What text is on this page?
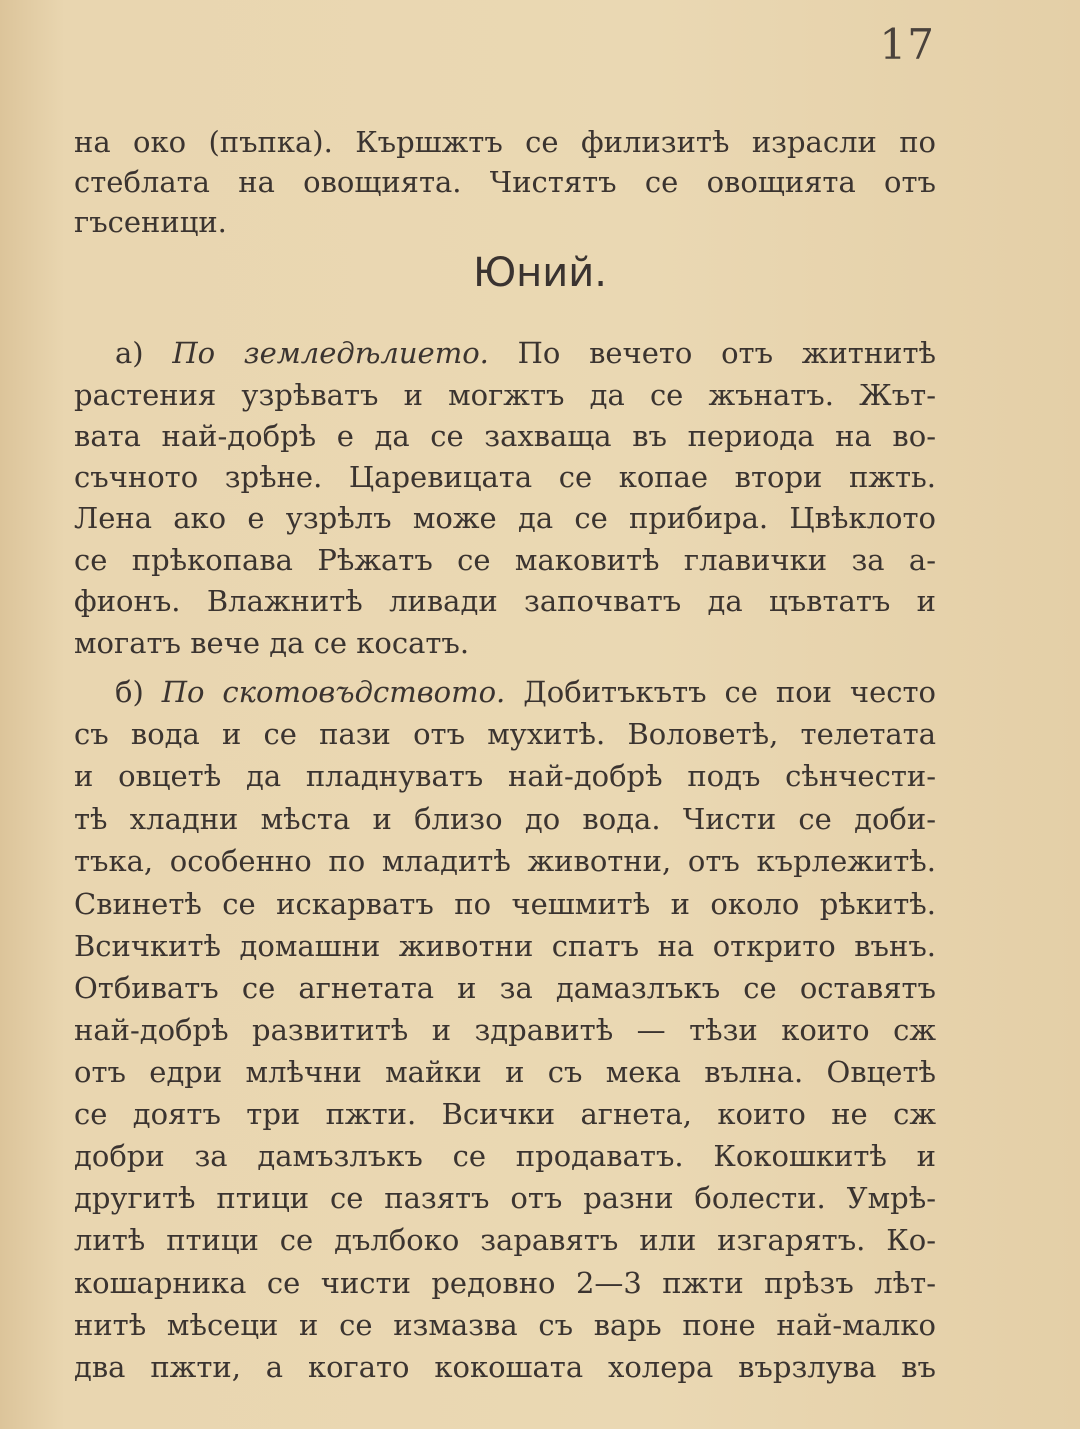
17
на око (пъпка). Кършжтъ се филизитѣ израсли по
стеблата на овощията. Чистятъ се овощията отъ
гъсеници.
Юний.
а) По земледѣлието. По вечето отъ житнитѣ
растения узрѣватъ и могжтъ да се жънатъ. Жът-
вата най-добрѣ е да се захваща въ периода на во-
съчното зрѣне. Царевицата се копае втори пжть.
Лена ако е узрѣлъ може да се прибира. Цвѣклото
се прѣкопава Рѣжатъ се маковитѣ главички за а-
фионъ. Влажнитѣ ливади започватъ да цъвтатъ и
могатъ вече да се косатъ.
б) По скотовъдството. Добитъкътъ се пои често
съ вода и се пази отъ мухитѣ. Воловетѣ, телетата
и овцетѣ да пладнуватъ най-добрѣ подъ сѣнчести-
тѣ хладни мѣста и близо до вода. Чисти се доби-
тъка, особенно по младитѣ животни, отъ кърлежитѣ.
Свинетѣ се искарватъ по чешмитѣ и около рѣкитѣ.
Всичкитѣ домашни животни спатъ на открито вънъ.
Отбиватъ се агнетата и за дамазлъкъ се оставятъ
най-добрѣ развититѣ и здравитѣ — тѣзи които сж
отъ едри млѣчни майки и съ мека вълна. Овцетѣ
се доятъ три пжти. Всички агнета, които не сж
добри за дамъзлъкъ се продаватъ. Кокошкитѣ и
другитѣ птици се пазятъ отъ разни болести. Умрѣ-
литѣ птици се дълбоко заравятъ или изгарятъ. Ко-
кошарника се чисти редовно 2—3 пжти прѣзъ лѣт-
нитѣ мѣсеци и се измазва съ варь поне най-малко
два пжти, а когато кокошата холера вързлува въ
